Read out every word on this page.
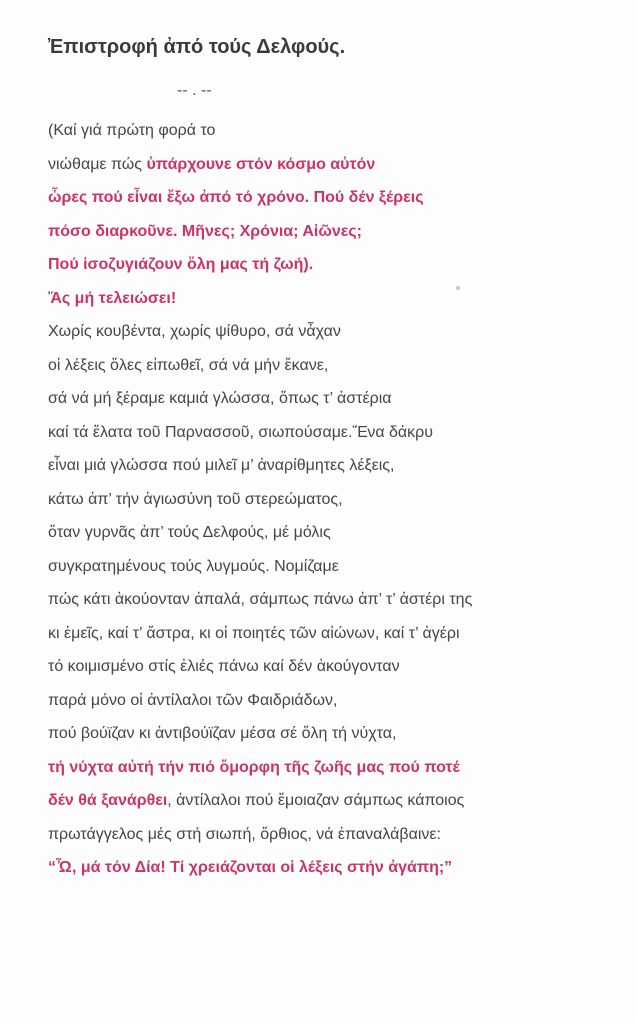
Ἐπιστροφή ἀπό τούς Δελφούς.
-- . --
(Καί γιά πρώτη φορά το
νιώθαμε πώς ὑπάρχουνε στόν κόσμο αὐτόν
ὧρες πού εἶναι ἔξω ἀπό τό χρόνο. Πού δέν ξέρεις
πόσο διαρκοῦνε. Μῆνες; Χρόνια; Αἰῶνες;
Πού ἰσοζυγιάζουν ὅλη μας τή ζωή).
Ἄς μή τελειώσει!
Χωρίς κουβέντα, χωρίς ψίθυρο, σά νἆχαν
οἱ λέξεις ὅλες εἰπωθεῖ, σά νά μήν ἔκανε,
σά νά μή ξέραμε καμιά γλώσσα, ὅπως τ’ ἀστέρια
καί τά ἔλατα τοῦ Παρνασσοῦ, σιωπούσαμε.Ἕνα δάκρυ
εἶναι μιά γλώσσα πού μιλεῖ μ’ ἀναρίθμητες λέξεις,
κάτω ἀπ’ τήν ἁγιωσύνη τοῦ στερεώματος,
ὅταν γυρνᾶς ἀπ’ τούς Δελφούς, μέ μόλις
συγκρατημένους τούς λυγμούς. Νομίζαμε
πώς κάτι ἀκούονταν ἀπαλά, σάμπως πάνω ἀπ’ τ’ ἀστέρι της
κι ἐμεῖς, καί τ’ ἄστρα, κι οἱ ποιητές τῶν αἰώνων, καί τ’ ἀγέρι
τό κοιμισμένο στίς ἐλιές πάνω καί δέν ἀκούγονταν
παρά μόνο οἱ ἀντίλαλοι τῶν Φαιδριάδων,
πού βούϊζαν κι ἀντιβούϊζαν μέσα σέ ὅλη τή νύχτα,
τή νύχτα αὐτή τήν πιό ὄμορφη τῆς ζωῆς μας πού ποτέ
δέν θά ξανάρθει, ἀντίλαλοι πού ἔμοιαζαν σάμπως κάποιος
πρωτάγγελος μές στή σιωπή, ὄρθιος, νά ἐπαναλάβαινε:
“Ὦ, μά τόν Δία! Τί χρειάζονται οἱ λέξεις στήν ἀγάπη;”
